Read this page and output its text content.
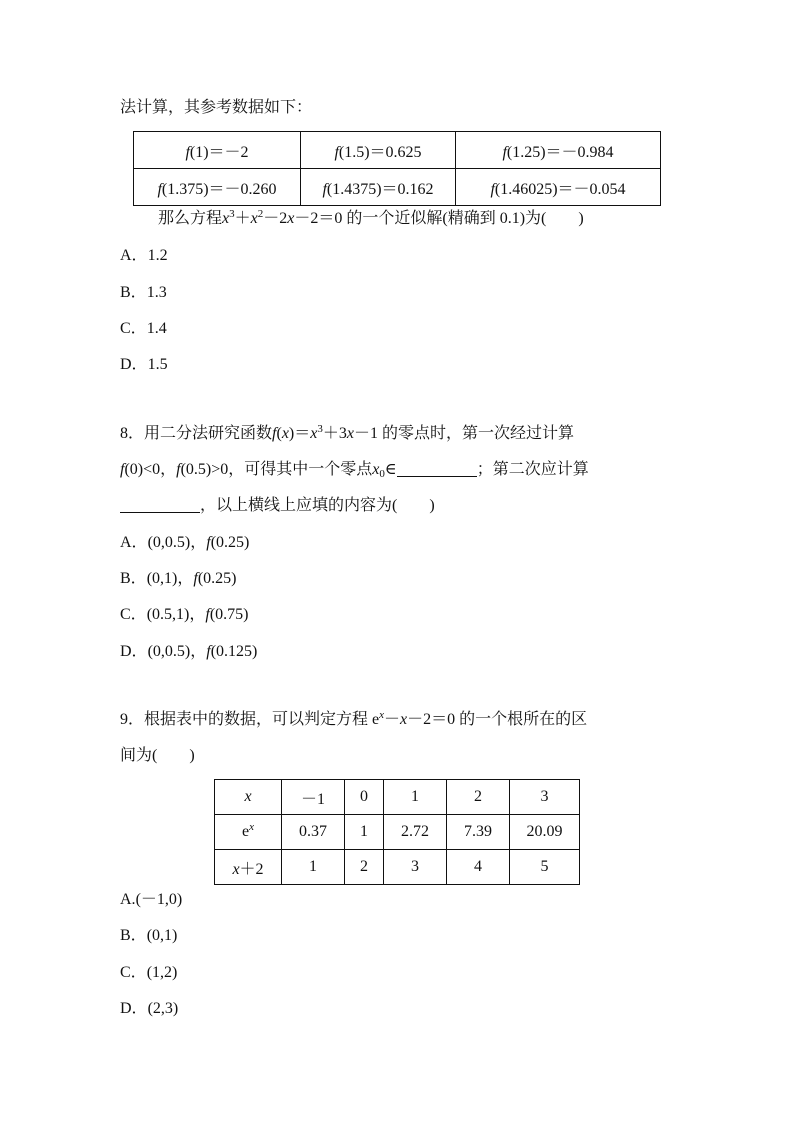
法计算，其参考数据如下：
f(1)＝－2	f(1.5)＝0.625	f(1.25)＝－0.984
f(1.375)＝－0.260	f(1.4375)＝0.162	f(1.46025)＝－0.054
那么方程$x^3+x^2-2x-2=0$ 的一个近似解(精确到 0.1)为(　　)
A．1.2
B．1.3
C．1.4
D．1.5
8．用二分法研究函数$f(x)=x^3+3x-1$ 的零点时，第一次经过计算
f(0)<0，f(0.5)>0，可得其中一个零点$x_0\in$	；第二次应计算
，以上横线上应填的内容为(　　)
A．(0,0.5)，f(0.25)
B．(0,1)，f(0.25)
C．(0.5,1)，f(0.75)
D．(0,0.5)，f(0.125)
9．根据表中的数据，可以判定方程 $e^x-x-2=0$ 的一个根所在的区
间为(　　)
x	－1	0	1	2	3
$e^x$	0.37	1	2.72	7.39	20.09
x＋2	1	2	3	4	5
A.(－1,0)
B．(0,1)
C．(1,2)
D．(2,3)
